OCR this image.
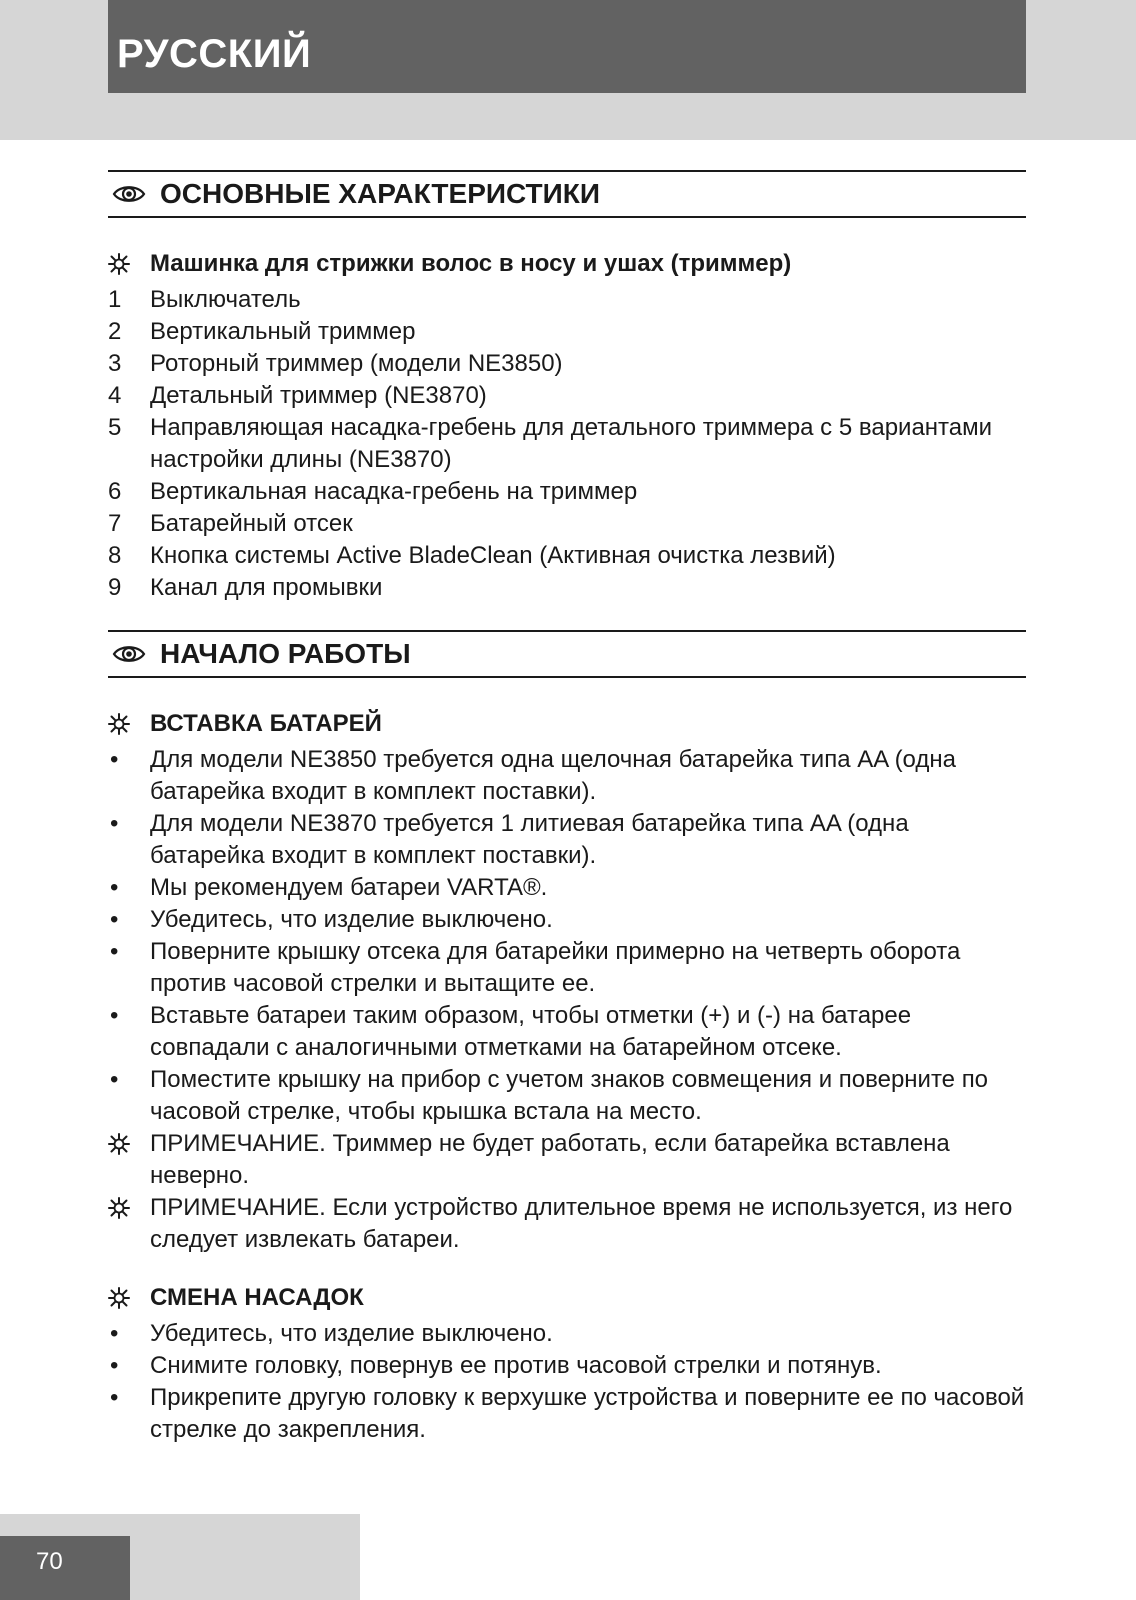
РУССКИЙ
ОСНОВНЫЕ ХАРАКТЕРИСТИКИ
Машинка для стрижки волос в носу и ушах (триммер)
1	Выключатель
2	Вертикальный триммер
3	Роторный триммер (модели NE3850)
4	Детальный триммер (NE3870)
5	Направляющая насадка-гребень для детального триммера с 5 вариантами настройки длины (NE3870)
6	Вертикальная насадка-гребень на триммер
7	Батарейный отсек
8	Кнопка системы Active BladeClean (Активная очистка лезвий)
9	Канал для промывки
НАЧАЛО РАБОТЫ
ВСТАВКА БАТАРЕЙ
•	Для модели NE3850 требуется одна щелочная батарейка типа AA (одна батарейка входит в комплект поставки).
•	Для модели NE3870 требуется 1 литиевая батарейка типа AA (одна батарейка входит в комплект поставки).
•	Мы рекомендуем батареи VARTA®.
•	Убедитесь, что изделие выключено.
•	Поверните крышку отсека для батарейки примерно на четверть оборота против часовой стрелки и вытащите ее.
•	Вставьте батареи таким образом, чтобы отметки (+) и (-) на батарее совпадали с аналогичными отметками на батарейном отсеке.
•	Поместите крышку на прибор с учетом знаков совмещения и поверните по часовой стрелке, чтобы крышка встала на место.
ПРИМЕЧАНИЕ. Триммер не будет работать, если батарейка вставлена неверно.
ПРИМЕЧАНИЕ. Если устройство длительное время не используется, из него следует извлекать батареи.
СМЕНА НАСАДОК
•	Убедитесь, что изделие выключено.
•	Снимите головку, повернув ее против часовой стрелки и потянув.
•	Прикрепите другую головку к верхушке устройства и поверните ее по часовой стрелке до закрепления.
70
